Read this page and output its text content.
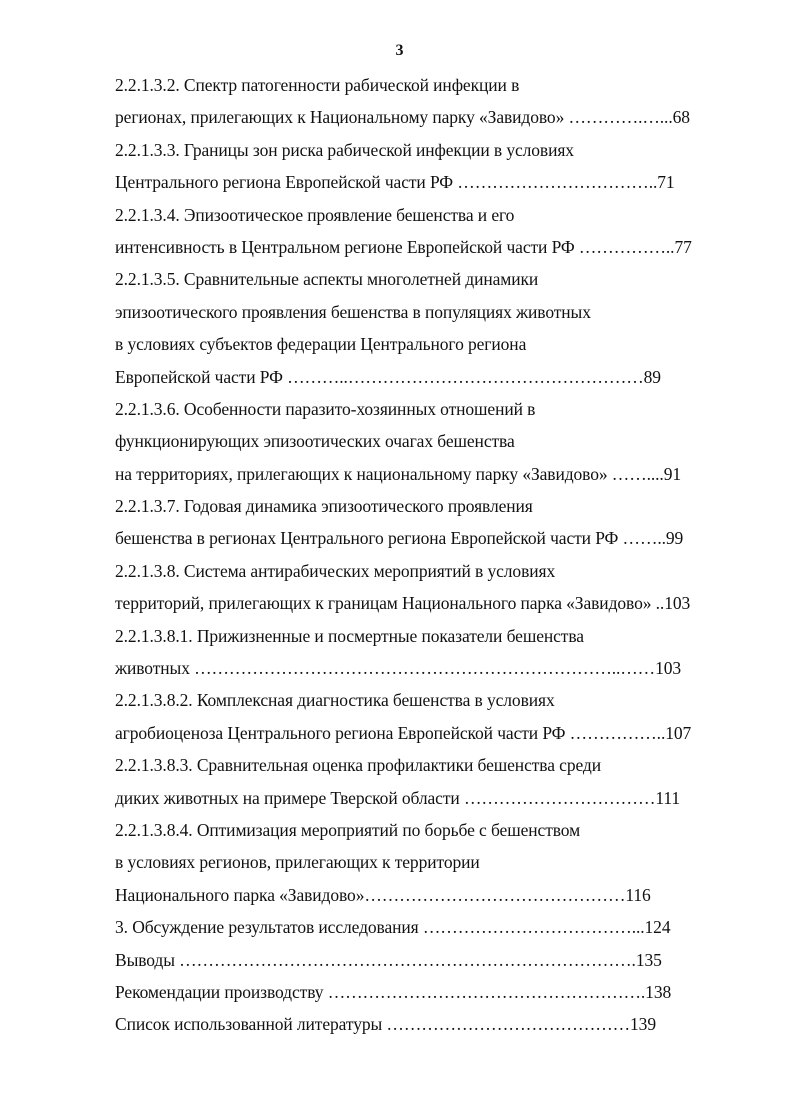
3
2.2.1.3.2. Спектр патогенности рабической инфекции в
регионах, прилегающих к Национальному парку «Завидово» ………….…...68
2.2.1.3.3. Границы зон риска рабической инфекции в условиях
Центрального региона Европейской части РФ ……………………………..71
2.2.1.3.4. Эпизоотическое проявление бешенства и его
интенсивность в Центральном регионе Европейской части РФ ……………..77
2.2.1.3.5. Сравнительные аспекты многолетней динамики
эпизоотического проявления бешенства в популяциях животных
в условиях субъектов федерации Центрального региона
Европейской части РФ ………..……………………………………………89
2.2.1.3.6. Особенности паразито-хозяинных отношений в
функционирующих эпизоотических очагах бешенства
на территориях, прилегающих к национальному парку «Завидово» ……....91
2.2.1.3.7. Годовая динамика эпизоотического проявления
бешенства в регионах Центрального региона Европейской части РФ ……..99
2.2.1.3.8. Система антирабических мероприятий в условиях
территорий, прилегающих к границам Национального парка «Завидово» ..103
2.2.1.3.8.1. Прижизненные и посмертные показатели бешенства
животных ………………………………………………………………..……103
2.2.1.3.8.2. Комплексная диагностика бешенства в условиях
агробиоценоза Центрального региона Европейской части РФ ……………..107
2.2.1.3.8.3. Сравнительная оценка профилактики бешенства среди
диких животных на примере Тверской области ……………………………111
2.2.1.3.8.4. Оптимизация мероприятий по борьбе с бешенством
в условиях регионов, прилегающих к территории
Национального парка «Завидово»………………………………………116
3. Обсуждение результатов исследования ………………………………...124
Выводы …………………………………………………………………….135
Рекомендации производству ……………………………………………….138
Список использованной литературы ……………………………………139
